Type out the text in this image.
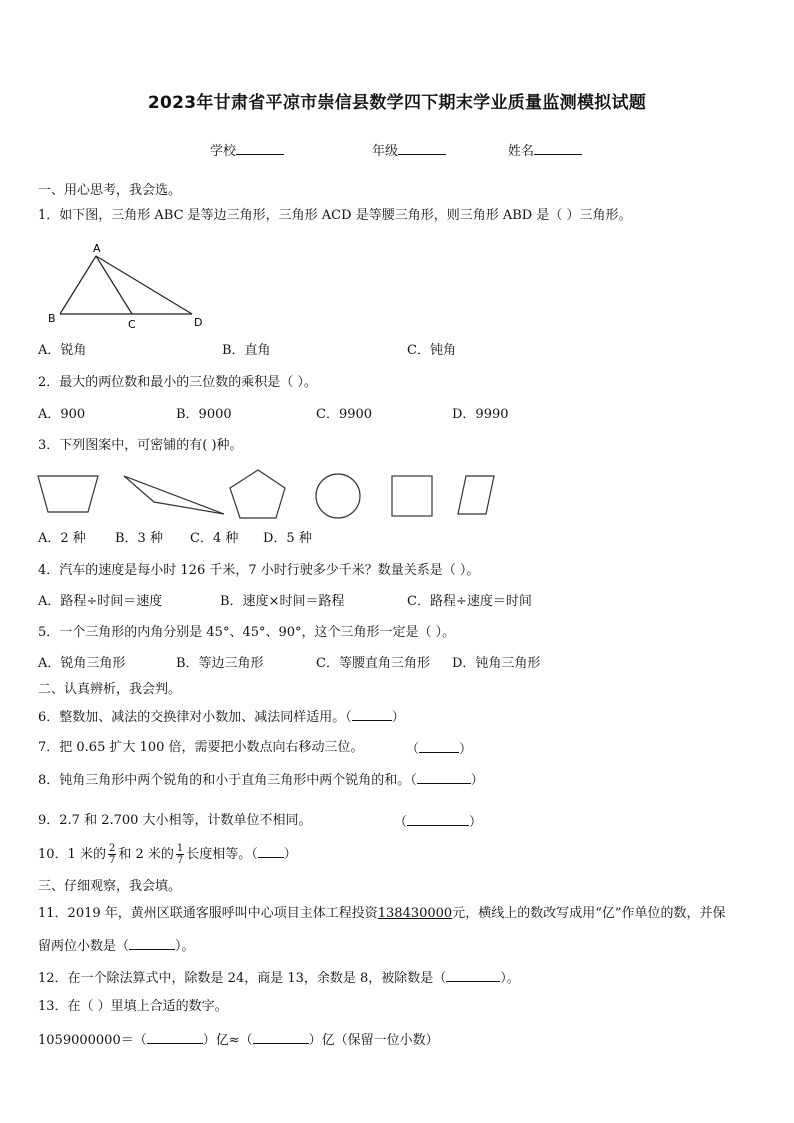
2023年甘肃省平凉市崇信县数学四下期末学业质量监测模拟试题
学校	年级	姓名
一、用心思考，我会选。
1．如下图，三角形 ABC 是等边三角形，三角形 ACD 是等腰三角形，则三角形 ABD 是（ ）三角形。
A
B	C	D
A．锐角	B．直角	C．钝角
2．最大的两位数和最小的三位数的乘积是（ ）。
A．900	B．9000	C．9900	D．9990
3．下列图案中，可密铺的有( )种。
A．2 种 B．3 种 C．4 种 D．5 种
4．汽车的速度是每小时 126 千米，7 小时行驶多少千米？数量关系是（ ）。
A．路程÷时间＝速度	B．速度×时间＝路程	C．路程÷速度＝时间
5．一个三角形的内角分别是 45°、45°、90°，这个三角形一定是（ ）。
A．锐角三角形	B．等边三角形	C．等腰直角三角形 D．钝角三角形
二、认真辨析，我会判。
6．整数加、减法的交换律对小数加、减法同样适用。（	）
7．把 0.65 扩大 100 倍，需要把小数点向右移动三位。	（	）
8．钝角三角形中两个锐角的和小于直角三角形中两个锐角的和。（	）
9．2.7 和 2.700 大小相等，计数单位不相同。	（	）
10．1 米的 $\frac{2}{7}$ 和 2 米的 $\frac{1}{7}$ 长度相等。（ ）
三、仔细观察，我会填。
11．2019 年，黄州区联通客服呼叫中心项目主体工程投资138430000元，横线上的数改写成用“亿”作单位的数，并保
留两位小数是（	）。
12．在一个除法算式中，除数是 24，商是 13，余数是 8，被除数是（	）。
13．在（ ）里填上合适的数字。
1059000000＝（	）亿≈（	）亿（保留一位小数）
